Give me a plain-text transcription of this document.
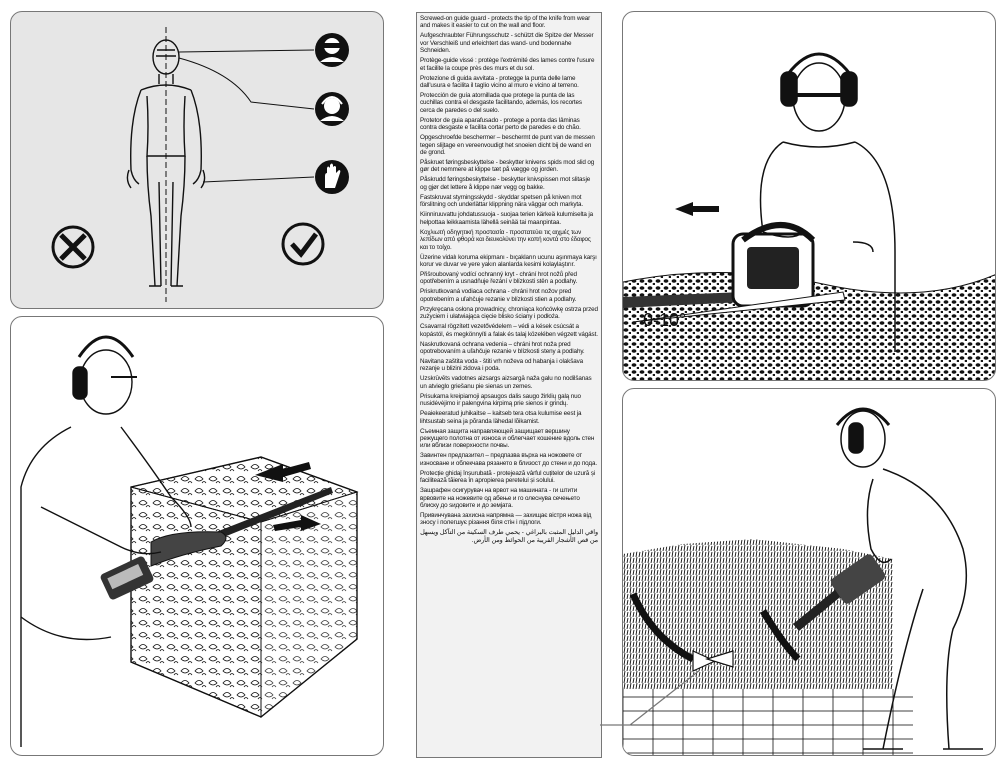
Screwed-on guide guard - protects the tip of the knife from wear and makes it easier to cut on the wall and floor.

Aufgeschraubter Führungsschutz - schützt die Spitze der Messer vor Verschleiß und erleichtert das wand- und bodennahe Schneiden.

Protège-guide vissé : protège l'extrémité des lames contre l'usure et facilite la coupe près des murs et du sol.

Protezione di guida avvitata - protegge la punta delle lame dall'usura e facilita il taglio vicino al muro e vicino al terreno.

Protección de guía atornillada que protege la punta de las cuchillas contra el desgaste facilitando, además, los recortes cerca de paredes o del suelo.

Protetor de guia aparafusado - protege a ponta das lâminas contra desgaste e facilita cortar perto de paredes e do chão.

Opgeschroefde beschermer – beschermt de punt van de messen tegen slijtage en vereenvoudigt het snoeien dicht bij de wand en de grond.

Påskruet føringsbeskyttelse - beskytter knivens spids mod slid og gør det nemmere at klippe tæt på væggе og jorden.

Påskrudd føringsbeskyttelse - beskytter knivspissen mot slitasje og gjør det lettere å klippe nær vegg og bakke.

Fastskruvat styrningsskydd - skyddar spetsen på kniven mot förslitning och underlättar klippning nära väggar och markyta.

Kiinniruuvattu johdatussuoja - suojaa terien kärkeä kulumiselta ja helpottaa leikkaamista lähellä seinää tai maanpintaa.

Κοχλιωτή οδηγητική προστασία - προστατεύει τις αιχμές των λεπίδων από φθορά και διευκολύνει την κοπή κοντά στο έδαφος και το τοίχο.

Üzerine vidalı koruma ekipmanı - bıçakların ucunu aşınmaya karşı korur ve duvar ve yere yakın alanlarda kesimi kolaylaştırır.

Přišroubovaný vodící ochranný kryt - chrání hrot nožů před opotřebením a usnadňuje řezání v blízkosti stěn a podlahy.

Priskrutkovaná vodiaca ochrana - chráni hrot nožov pred opotrebením a uľahčuje rezanie v blízkosti stien a podlahy.

Przykręcana osłona prowadnicy, chroniąca końcówkę ostrza przed zużyciem i ułatwiająca cięcie blisko ściany i podłoża.

Csavarral rögzített vezetővédelem – védi a kések csúcsát a kopástól, és megkönnyíti a falak és talaj közelében végzett vágást.

Naskrutkovaná ochrana vedenia – chráni hrot noža pred opotrebovaním a uľahčuje rezanie v blízkosti steny a podlahy.

Navitana zaštita voda - štiti vrh noževa od habanja i olakšava rezanje u blizini zidova i poda.

Uzskrūvēts vadotnes aizsargs aizsargā naža galu no nodilšanas un atvieglo griešanu pie sienas un zemes.

Prisukama kreipiamoji apsaugos dalis saugo žirklių galą nuo nusidėvėjimo ir palengvina kirpimą prie sienos ir grindų.

Peaiekeeratud juhikaitse – kaitseb tera otsa kulumise eest ja lihtsustab seina ja põranda lähedal lõikamist.

Съемная защита направляющей защищает вершину режущего полотна от износа и облегчает кошение вдоль стен или вблизи поверхности почвы.

Завинтен предпазител – предпазва върха на ножовете от износване и облекчава рязането в близост до стени и до пода.

Protecție ghidaj înșurubată - protejează vârful cuțitelor de uzură și facilitează tăierea în apropierea peretelui și solului.

Зашрафен осигурувач на врвот на машината - ги штити врвовите на ножевите од абење и го олеснува сечењето блиску до ѕидовите и до земјата.

Привинчувана захисна напрямна — захищає вістря ножа від зносу і полегшує різання біля стін і підлоги.

واقي الدليل المثبت بالبراغي - يحمي طرف السكينة من التآكل ويسهل من قص الأشجار القريبة من الحوائط ومن الأرض.

0-10°
